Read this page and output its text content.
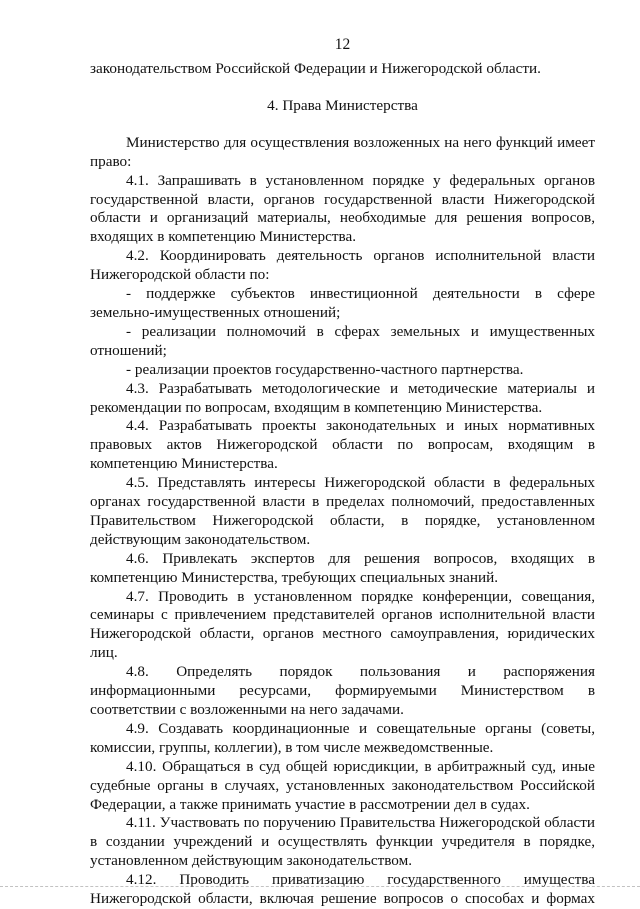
12

законодательством Российской Федерации и Нижегородской области.

4. Права Министерства

Министерство для осуществления возложенных на него функций имеет право:

4.1. Запрашивать в установленном порядке у федеральных органов государственной власти, органов государственной власти Нижегородской области и организаций материалы, необходимые для решения вопросов, входящих в компетенцию Министерства.

4.2. Координировать деятельность органов исполнительной власти Нижегородской области по:

- поддержке субъектов инвестиционной деятельности в сфере земельно-имущественных отношений;

- реализации полномочий в сферах земельных и имущественных отношений;

- реализации проектов государственно-частного партнерства.

4.3. Разрабатывать методологические и методические материалы и рекомендации по вопросам, входящим в компетенцию Министерства.

4.4. Разрабатывать проекты законодательных и иных нормативных правовых актов Нижегородской области по вопросам, входящим в компетенцию Министерства.

4.5. Представлять интересы Нижегородской области в федеральных органах государственной власти в пределах полномочий, предоставленных Правительством Нижегородской области, в порядке, установленном действующим законодательством.

4.6. Привлекать экспертов для решения вопросов, входящих в компетенцию Министерства, требующих специальных знаний.

4.7. Проводить в установленном порядке конференции, совещания, семинары с привлечением представителей органов исполнительной власти Нижегородской области, органов местного самоуправления, юридических лиц.

4.8. Определять порядок пользования и распоряжения информационными ресурсами, формируемыми Министерством в соответствии с возложенными на него задачами.

4.9. Создавать координационные и совещательные органы (советы, комиссии, группы, коллегии), в том числе межведомственные.

4.10. Обращаться в суд общей юрисдикции, в арбитражный суд, иные судебные органы в случаях, установленных законодательством Российской Федерации, а также принимать участие в рассмотрении дел в судах.

4.11. Участвовать по поручению Правительства Нижегородской области в создании учреждений и осуществлять функции учредителя в порядке, установленном действующим законодательством.

4.12. Проводить приватизацию государственного имущества Нижегородской области, включая решение вопросов о способах и формах
